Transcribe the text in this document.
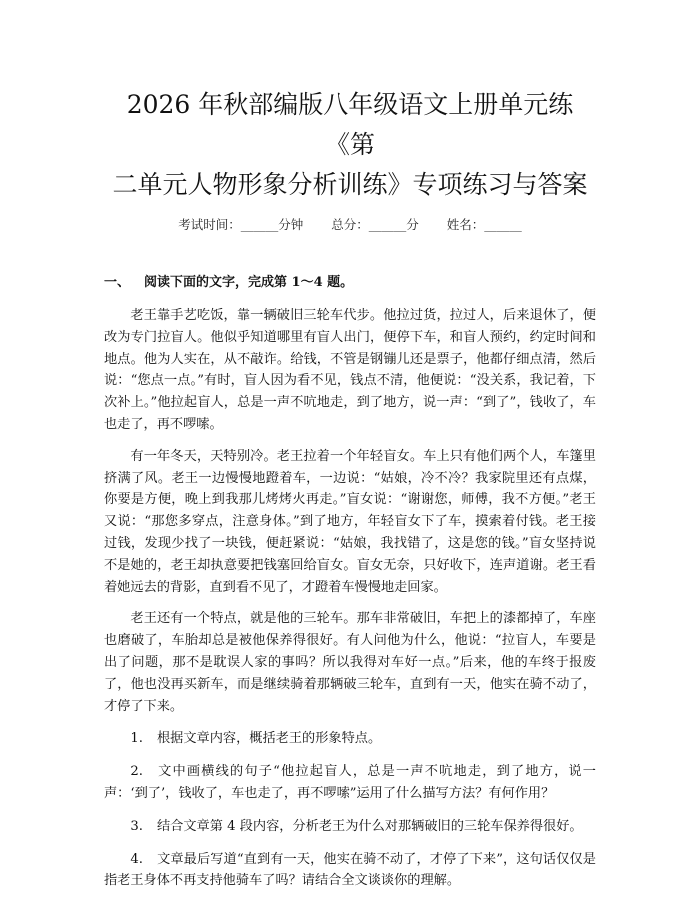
2026 年秋部编版八年级语文上册单元练《第
二单元人物形象分析训练》专项练习与答案
考试时间：______分钟 总分：______分 姓名：______
一、 阅读下面的文字，完成第 1～4 题。

老王靠手艺吃饭，靠一辆破旧三轮车代步。他拉过货，拉过人，后来退休了，便改为专门拉盲人。他似乎知道哪里有盲人出门，便停下车，和盲人预约，约定时间和地点。他为人实在，从不敲诈。给钱，不管是钢镚儿还是票子，他都仔细点清，然后说：“您点一点。”有时，盲人因为看不见，钱点不清，他便说：“没关系，我记着，下次补上。”他拉起盲人，总是一声不吭地走，到了地方，说一声：“到了”，钱收了，车也走了，再不啰嗦。

有一年冬天，天特别冷。老王拉着一个年轻盲女。车上只有他们两个人，车篷里挤满了风。老王一边慢慢地蹬着车，一边说：“姑娘，冷不冷？我家院里还有点煤，你要是方便，晚上到我那儿烤烤火再走。”盲女说：“谢谢您，师傅，我不方便。”老王又说：“那您多穿点，注意身体。”到了地方，年轻盲女下了车，摸索着付钱。老王接过钱，发现少找了一块钱，便赶紧说：“姑娘，我找错了，这是您的钱。”盲女坚持说不是她的，老王却执意要把钱塞回给盲女。盲女无奈，只好收下，连声道谢。老王看着她远去的背影，直到看不见了，才蹬着车慢慢地走回家。

老王还有一个特点，就是他的三轮车。那车非常破旧，车把上的漆都掉了，车座也磨破了，车胎却总是被他保养得很好。有人问他为什么，他说：“拉盲人，车要是出了问题，那不是耽误人家的事吗？所以我得对车好一点。”后来，他的车终于报废了，他也没再买新车，而是继续骑着那辆破三轮车，直到有一天，他实在骑不动了，才停了下来。

1. 根据文章内容，概括老王的形象特点。

2. 文中画横线的句子“他拉起盲人，总是一声不吭地走，到了地方，说一声：‘到了’，钱收了，车也走了，再不啰嗦”运用了什么描写方法？有何作用？

3. 结合文章第 4 段内容，分析老王为什么对那辆破旧的三轮车保养得很好。

4. 文章最后写道“直到有一天，他实在骑不动了，才停了下来”，这句话仅仅是指老王身体不再支持他骑车了吗？请结合全文谈谈你的理解。
